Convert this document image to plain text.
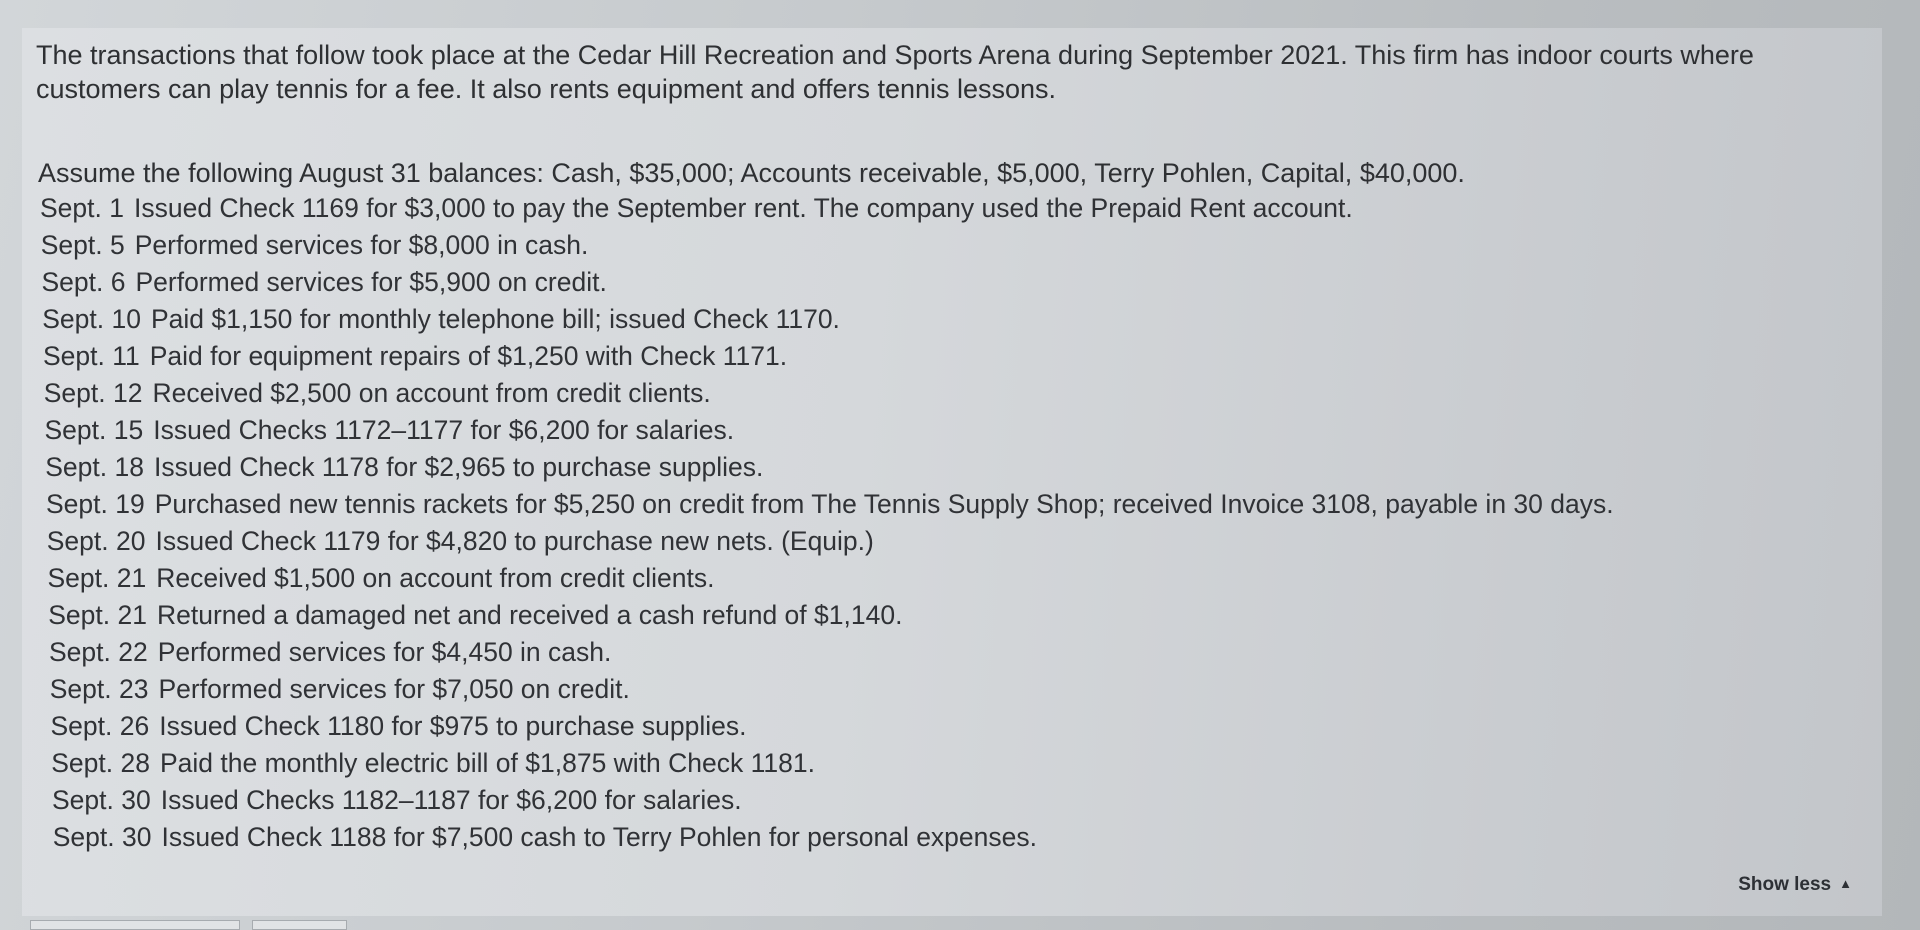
The transactions that follow took place at the Cedar Hill Recreation and Sports Arena during September 2021. This firm has indoor courts where customers can play tennis for a fee. It also rents equipment and offers tennis lessons.

Assume the following August 31 balances: Cash, $35,000; Accounts receivable, $5,000, Terry Pohlen, Capital, $40,000.

Sept. 1 Issued Check 1169 for $3,000 to pay the September rent. The company used the Prepaid Rent account.
Sept. 5 Performed services for $8,000 in cash.
Sept. 6 Performed services for $5,900 on credit.
Sept. 10 Paid $1,150 for monthly telephone bill; issued Check 1170.
Sept. 11 Paid for equipment repairs of $1,250 with Check 1171.
Sept. 12 Received $2,500 on account from credit clients.
Sept. 15 Issued Checks 1172–1177 for $6,200 for salaries.
Sept. 18 Issued Check 1178 for $2,965 to purchase supplies.
Sept. 19 Purchased new tennis rackets for $5,250 on credit from The Tennis Supply Shop; received Invoice 3108, payable in 30 days.
Sept. 20 Issued Check 1179 for $4,820 to purchase new nets. (Equip.)
Sept. 21 Received $1,500 on account from credit clients.
Sept. 21 Returned a damaged net and received a cash refund of $1,140.
Sept. 22 Performed services for $4,450 in cash.
Sept. 23 Performed services for $7,050 on credit.
Sept. 26 Issued Check 1180 for $975 to purchase supplies.
Sept. 28 Paid the monthly electric bill of $1,875 with Check 1181.
Sept. 30 Issued Checks 1182–1187 for $6,200 for salaries.
Sept. 30 Issued Check 1188 for $7,500 cash to Terry Pohlen for personal expenses.
Show less ▲
